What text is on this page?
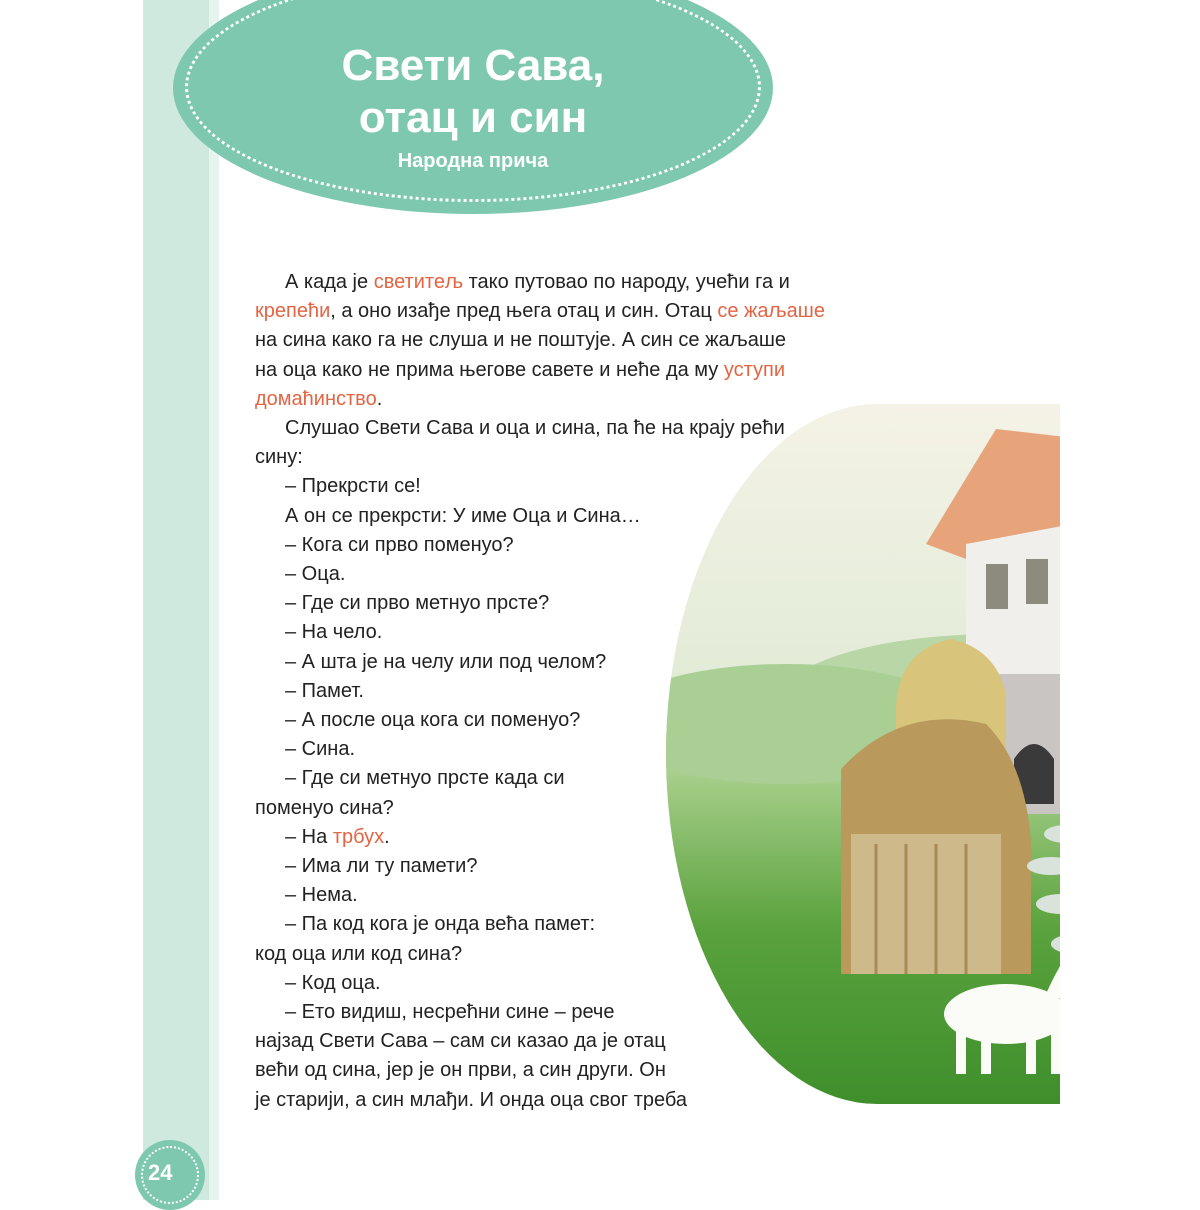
Свети Сава,
отац и син
Народна прича

А када је светитељ тако путовао по народу, учећи га и

крепећи, а оно изађе пред њега отац и син. Отац се жаљаше

на сина како га не слуша и не поштује. А син се жаљаше

на оца како не прима његове савете и неће да му уступи

домаћинство.

Слушао Свети Сава и оца и сина, па ће на крају рећи

сину:

– Прекрсти се!

А он се прекрсти: У име Оца и Сина…

– Кога си прво поменуо?

– Оца.

– Где си прво метнуо прсте?

– На чело.

– А шта је на челу или под челом?

– Памет.

– А после оца кога си поменуо?

– Сина.

– Где си метнуо прсте када си

поменуо сина?

– На трбух.

– Има ли ту памети?

– Нема.

– Па код кога је онда већа памет:

код оца или код сина?

– Код оца.

– Ето видиш, несрећни сине – рече

најзад Свети Сава – сам си казао да је отац

већи од сина, јер је он први, а син други. Он

је старији, а син млађи. И онда оца свог треба

24
